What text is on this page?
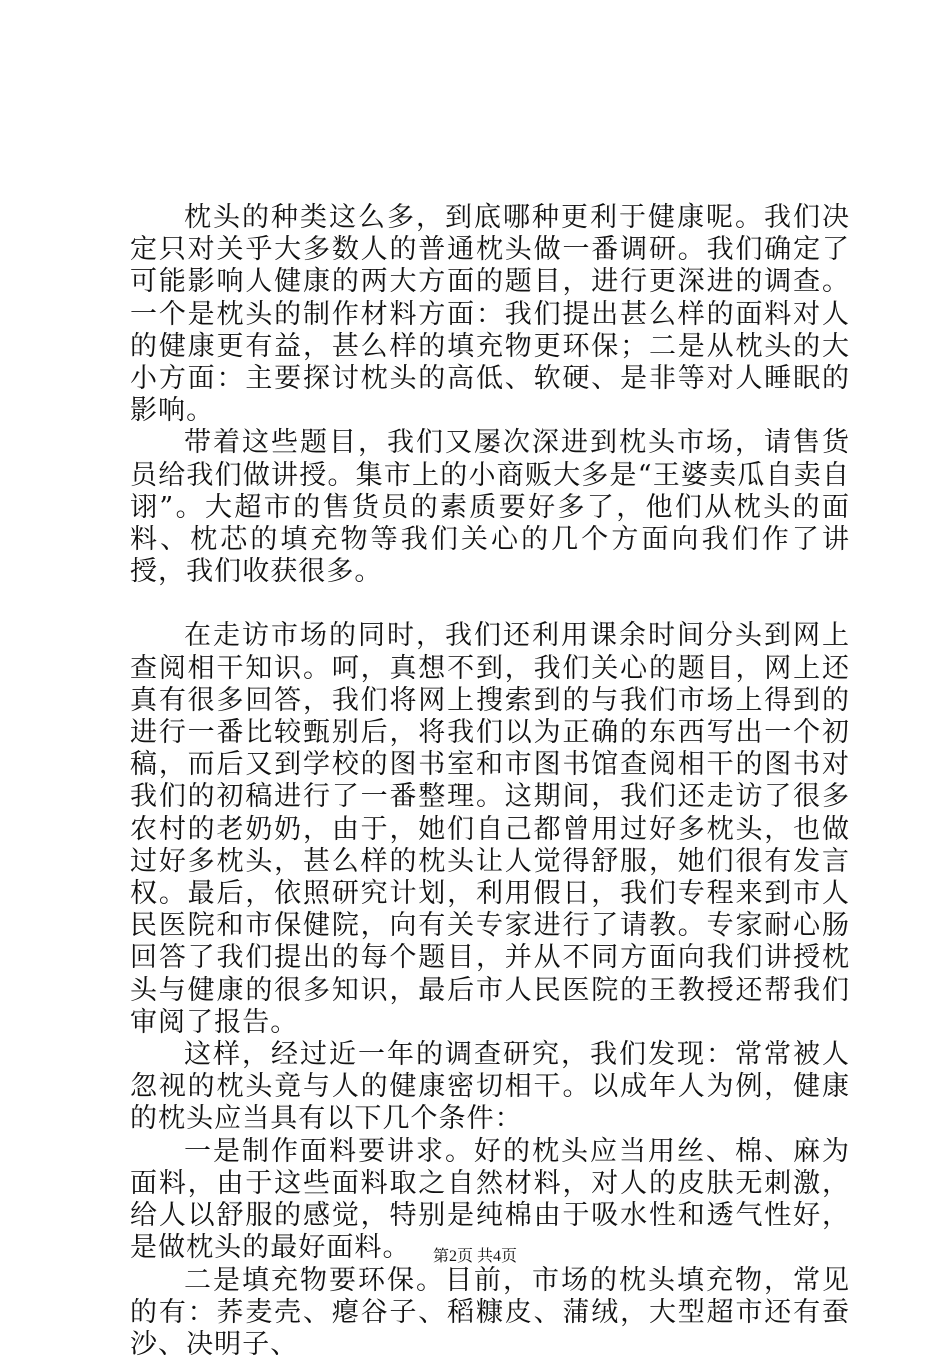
枕头的种类这么多，到底哪种更利于健康呢。我们决定只对关乎大多数人的普通枕头做一番调研。我们确定了可能影响人健康的两大方面的题目，进行更深进的调查。一个是枕头的制作材料方面：我们提出甚么样的面料对人的健康更有益，甚么样的填充物更环保；二是从枕头的大小方面：主要探讨枕头的高低、软硬、是非等对人睡眠的影响。

带着这些题目，我们又屡次深进到枕头市场，请售货员给我们做讲授。集市上的小商贩大多是“王婆卖瓜自卖自诩”。大超市的售货员的素质要好多了，他们从枕头的面料、枕芯的填充物等我们关心的几个方面向我们作了讲授，我们收获很多。

在走访市场的同时，我们还利用课余时间分头到网上查阅相干知识。呵，真想不到，我们关心的题目，网上还真有很多回答，我们将网上搜索到的与我们市场上得到的进行一番比较甄别后，将我们以为正确的东西写出一个初稿，而后又到学校的图书室和市图书馆查阅相干的图书对我们的初稿进行了一番整理。这期间，我们还走访了很多农村的老奶奶，由于，她们自己都曾用过好多枕头，也做过好多枕头，甚么样的枕头让人觉得舒服，她们很有发言权。最后，依照研究计划，利用假日，我们专程来到市人民医院和市保健院，向有关专家进行了请教。专家耐心肠回答了我们提出的每个题目，并从不同方面向我们讲授枕头与健康的很多知识，最后市人民医院的王教授还帮我们审阅了报告。

这样，经过近一年的调查研究，我们发现：常常被人忽视的枕头竟与人的健康密切相干。以成年人为例，健康的枕头应当具有以下几个条件：

一是制作面料要讲求。好的枕头应当用丝、棉、麻为面料，由于这些面料取之自然材料，对人的皮肤无刺激，给人以舒服的感觉，特别是纯棉由于吸水性和透气性好，是做枕头的最好面料。

二是填充物要环保。目前，市场的枕头填充物，常见的有：荞麦壳、瘪谷子、稻糠皮、蒲绒，大型超市还有蚕沙、决明子、

第2页 共4页
